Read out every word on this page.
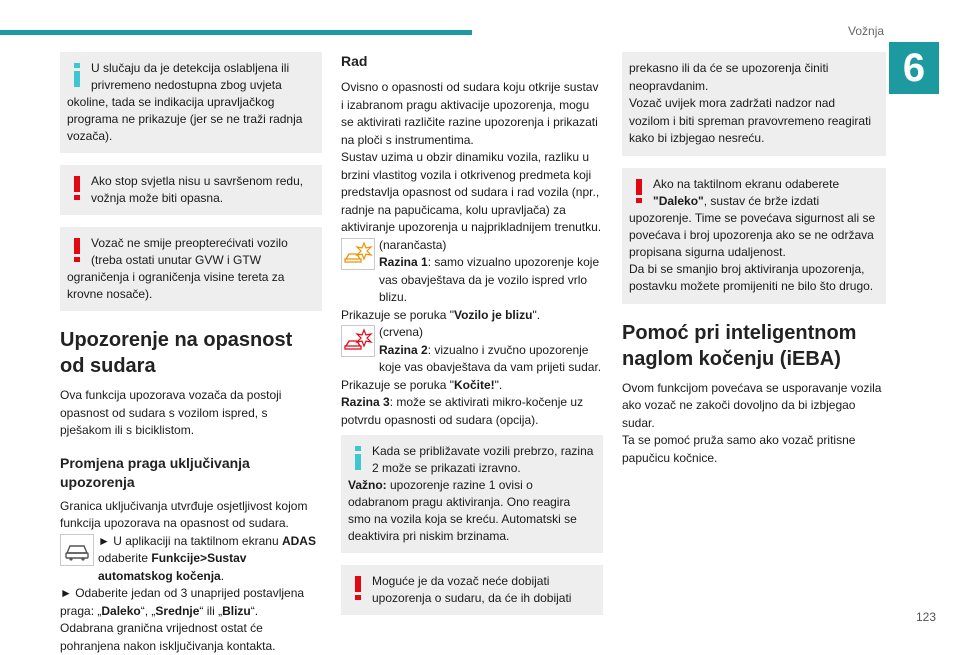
Vožnja
6
U slučaju da je detekcija oslabljena ili privremeno nedostupna zbog uvjeta
okoline, tada se indikacija upravljačkog programa ne prikazuje (jer se ne traži radnja vozača).
Ako stop svjetla nisu u savršenom redu, vožnja može biti opasna.
Vozač ne smije preopterećivati vozilo (treba ostati unutar GVW i GTW
ograničenja i ograničenja visine tereta za krovne nosače).
Upozorenje na opasnost od sudara

Ova funkcija upozorava vozača da postoji opasnost od sudara s vozilom ispred, s pješakom ili s biciklistom.

Promjena praga uključivanja upozorenja

Granica uključivanja utvrđuje osjetljivost kojom funkcija upozorava na opasnost od sudara.

► U aplikaciji na taktilnom ekranu ADAS odaberite Funkcije>Sustav automatskog kočenja.

► Odaberite jedan od 3 unaprijed postavljena praga: „Daleko“, „Srednje“ ili „Blizu“.

Odabrana granična vrijednost ostat će pohranjena nakon isključivanja kontakta.

Rad

Ovisno o opasnosti od sudara koju otkrije sustav i izabranom pragu aktivacije upozorenja, mogu se aktivirati različite razine upozorenja i prikazati na ploči s instrumentima.

Sustav uzima u obzir dinamiku vozila, razliku u brzini vlastitog vozila i otkrivenog predmeta koji predstavlja opasnost od sudara i rad vozila (npr., radnje na papučicama, kolu upravljača) za aktiviranje upozorenja u najprikladnijem trenutku.

(narančasta)

Razina 1: samo vizualno upozorenje koje vas obavještava da je vozilo ispred vrlo blizu.

Prikazuje se poruka "Vozilo je blizu".

(crvena)

Razina 2: vizualno i zvučno upozorenje koje vas obavještava da vam prijeti sudar.

Prikazuje se poruka "Kočite!".

Razina 3: može se aktivirati mikro-kočenje uz potvrdu opasnosti od sudara (opcija).

Kada se približavate vozili prebrzo, razina 2 može se prikazati izravno.
Važno: upozorenje razine 1 ovisi o odabranom pragu aktiviranja. Ono reagira smo na vozila koja se kreću. Automatski se deaktivira pri niskim brzinama.
Moguće je da vozač neće dobijati upozorenja o sudaru, da će ih dobijati

prekasno ili da će se upozorenja činiti neopravdanim.

Vozač uvijek mora zadržati nadzor nad vozilom i biti spreman pravovremeno reagirati kako bi izbjegao nesreću.

Ako na taktilnom ekranu odaberete "Daleko", sustav će brže izdati
upozorenje. Time se povećava sigurnost ali se povećava i broj upozorenja ako se ne održava propisana sigurna udaljenost.

Da bi se smanjio broj aktiviranja upozorenja, postavku možete promijeniti ne bilo što drugo.

Pomoć pri inteligentnom naglom kočenju (iEBA)

Ovom funkcijom povećava se usporavanje vozila ako vozač ne zakoči dovoljno da bi izbjegao sudar.

Ta se pomoć pruža samo ako vozač pritisne papučicu kočnice.

123
